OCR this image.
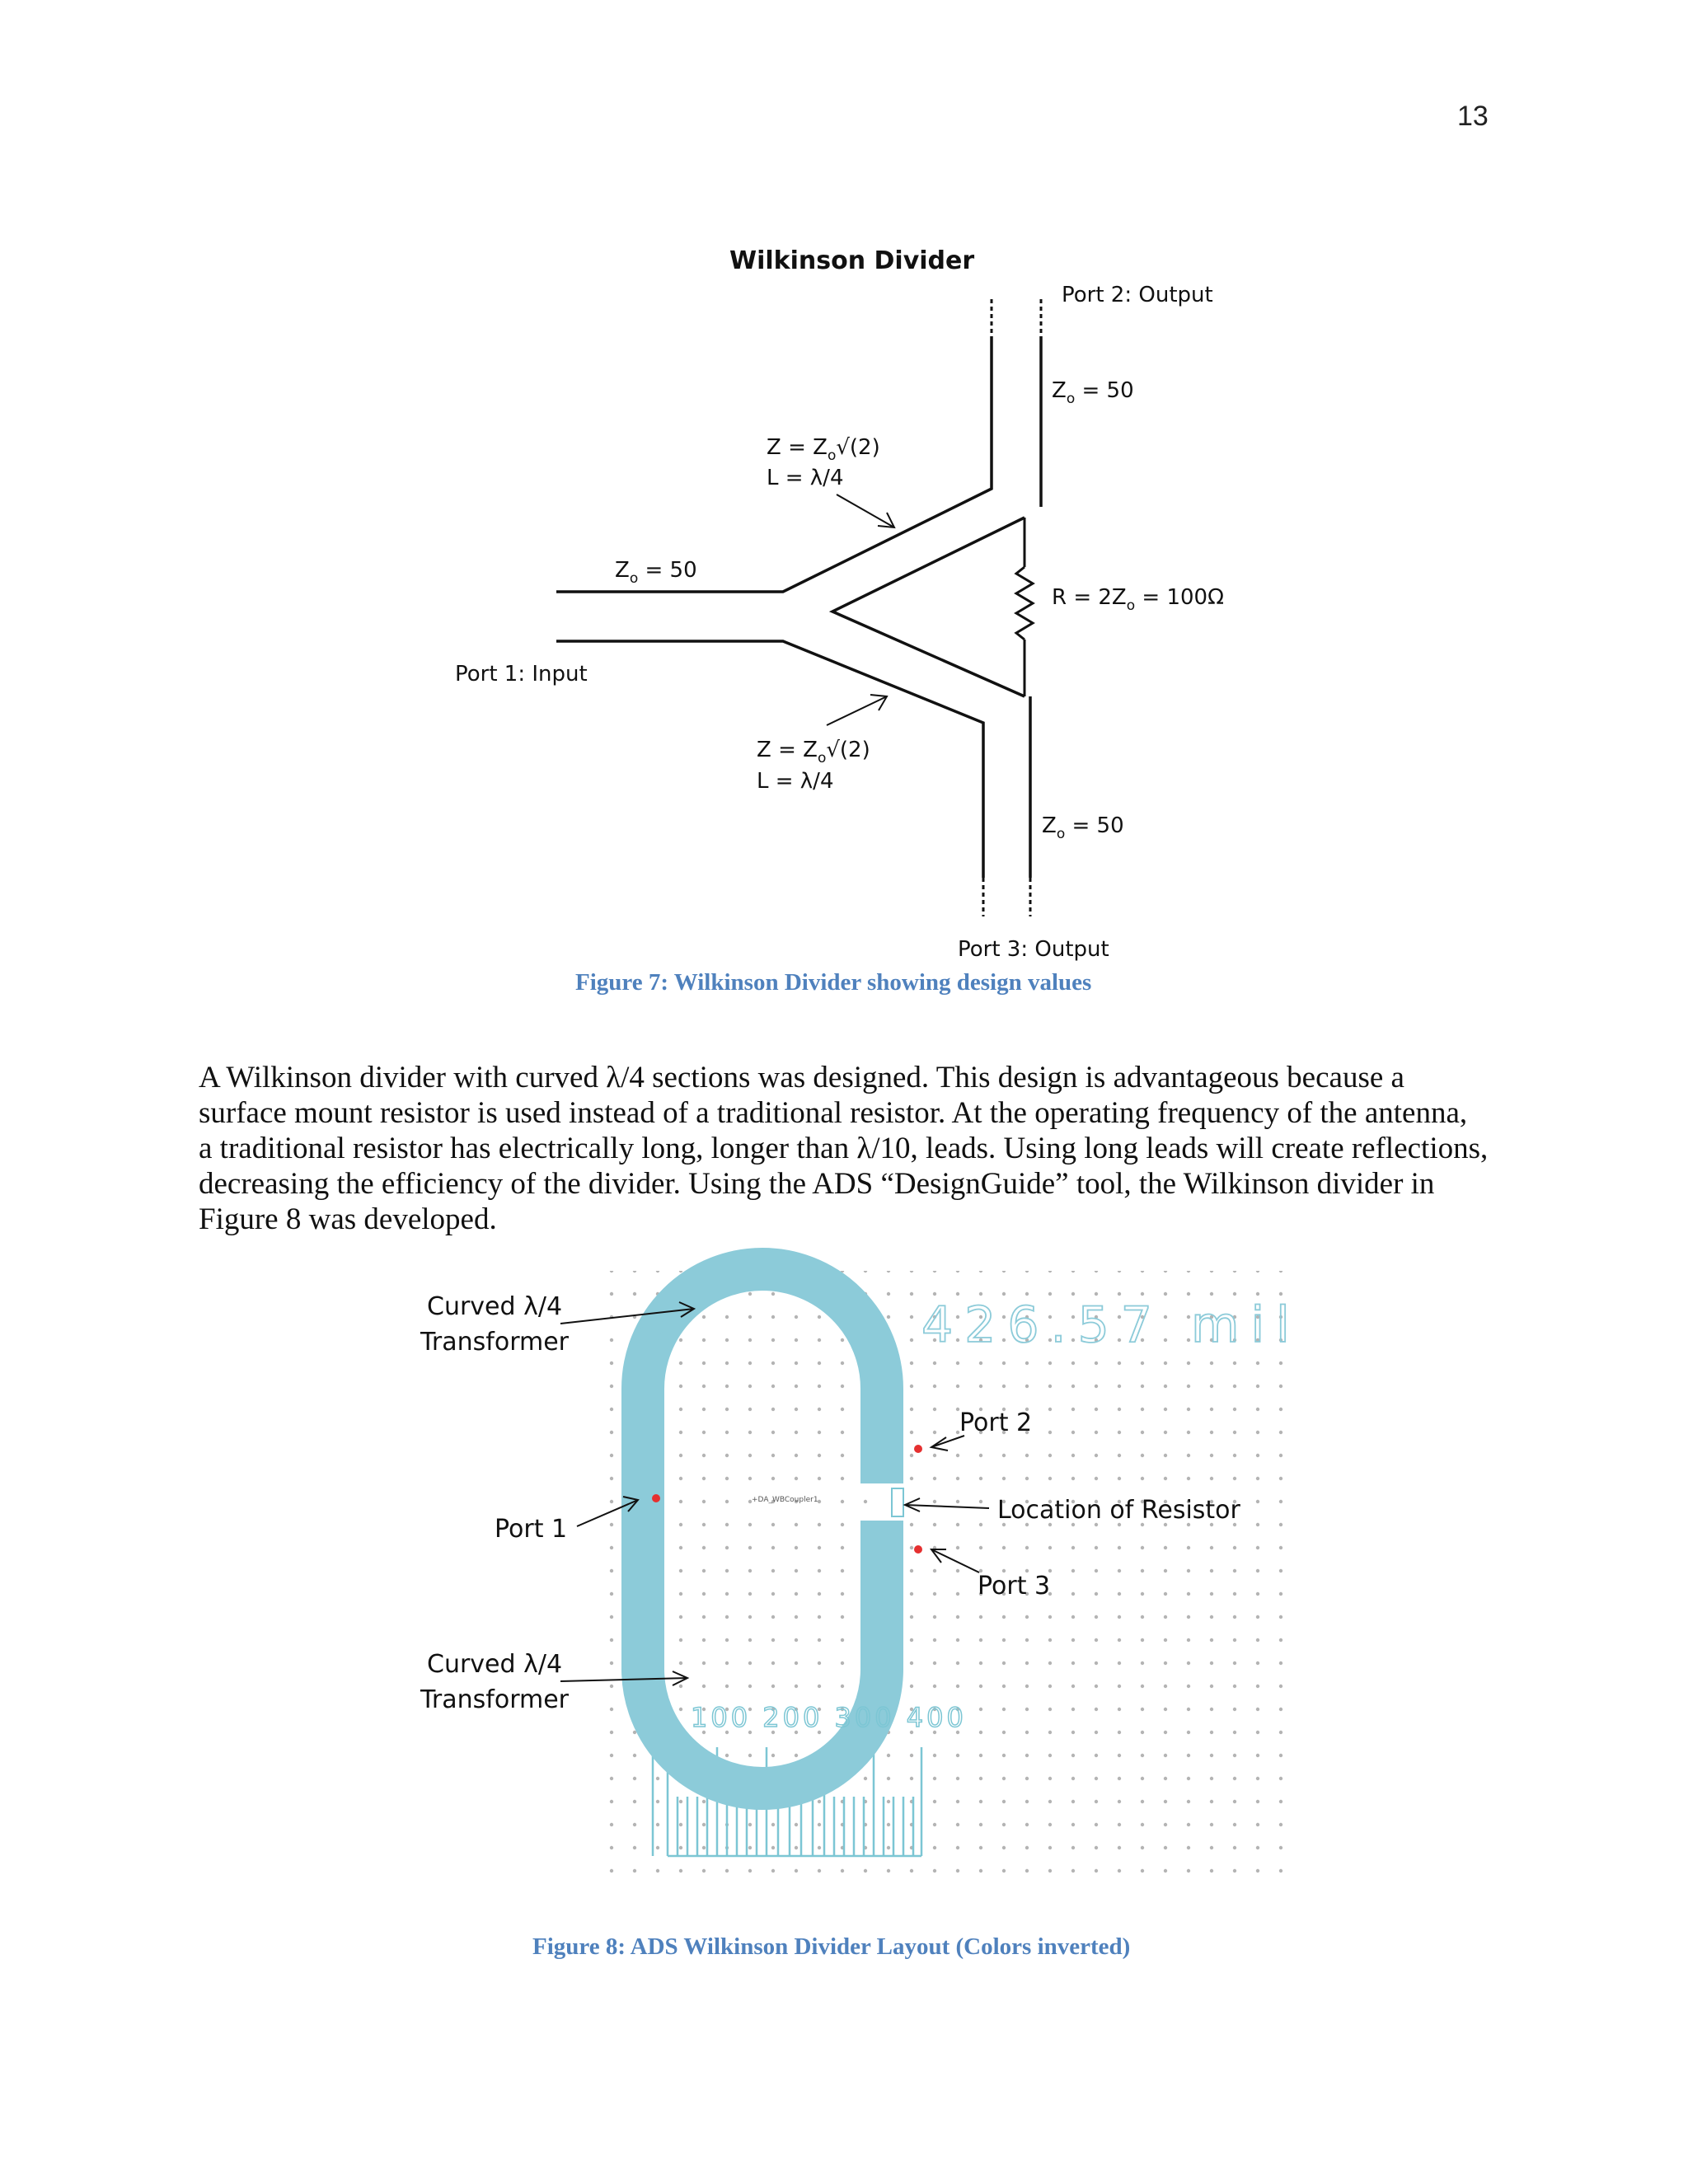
13
Wilkinson Divider
Port 2: Output
$Z_o = 50$
$Z = Z_o√(2)$
L = λ/4
$Z_o = 50$
$R = 2Z_o = 100\Omega$
Port 1: Input
$Z = Z_o√(2)$
L = λ/4
$Z_o = 50$
Port 3: Output
Figure 7: Wilkinson Divider showing design values
A Wilkinson divider with curved λ/4 sections was designed. This design is advantageous because a
surface mount resistor is used instead of a traditional resistor. At the operating frequency of the antenna,
a traditional resistor has electrically long, longer than λ/10, leads. Using long leads will create reflections,
decreasing the efficiency of the divider. Using the ADS “DesignGuide” tool, the Wilkinson divider in
Figure 8 was developed.
0	426.57 mil
+DA_WBCoupler1
100 200 300 400
Curved λ/4
Transformer
Port 1
Curved λ/4
Transformer
Port 2
Location of Resistor
Port 3
Figure 8: ADS Wilkinson Divider Layout (Colors inverted)
